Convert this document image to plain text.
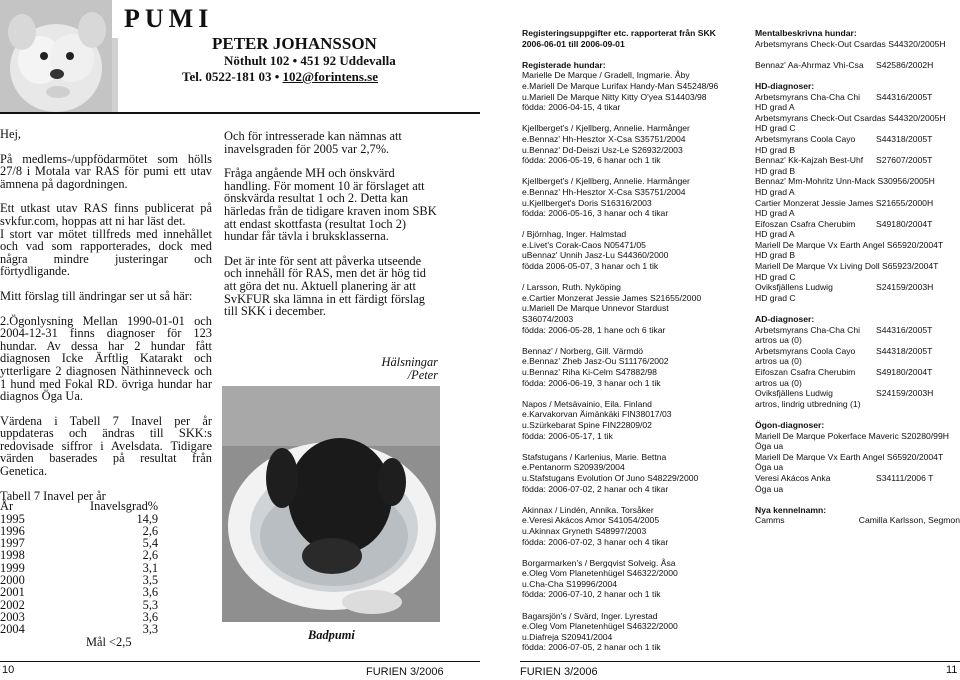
PUMI
PETER JOHANSSON
Nöthult 102 • 451 92 Uddevalla
Tel. 0522-181 03 • 102@forintens.se

Hej,

På medlems-/uppfödarmötet som hölls 27/8 i Motala var RAS för pumi ett utav ämnena på dagordningen.

Ett utkast utav RAS finns publicerat på svkfur.com, hoppas att ni har läst det.

I stort var mötet tillfreds med innehållet och vad som rapporterades, dock med några mindre justeringar och förtydligande.

Mitt förslag till ändringar ser ut så här:

2.Ögonlysning Mellan 1990-01-01 och 2004-12-31 finns diagnoser för 123 hundar. Av dessa har 2 hundar fått diagnosen Icke Ärftlig Katarakt och ytterligare 2 diagnosen Näthinneveck och 1 hund med Fokal RD. övriga hundar har diagnos Öga Ua.

Värdena i Tabell 7 Inavel per år uppdateras och ändras till SKK:s redovisade siffror i Avelsdata. Tidigare värden baserades på resultat från Genetica.

Tabell 7 Inavel per år
År	Inavelsgrad%
1995	14,9
1996	2,6
1997	5,4
1998	2,6
1999	3,1
2000	3,5
2001	3,6
2002	5,3
2003	3,6
2004	3,3
Mål <2,5

Och för intresserade kan nämnas att inavelsgraden för 2005 var 2,7%.

Fråga angående MH och önskvärd handling. För moment 10 är förslaget att önskvärda resultat 1 och 2. Detta kan härledas från de tidigare kraven inom SBK att endast skottfasta (resultat 1och 2) hundar får tävla i bruksklasserna.

Det är inte för sent att påverka utseende och innehåll för RAS, men det är hög tid att göra det nu. Aktuell planering är att SvKFUR ska lämna in ett färdigt förslag till SKK i december.

Hälsningar
/Peter
Badpumi
10	FURIEN 3/2006
Registeringsuppgifter etc. rapporterat från SKK
2006-06-01 till 2006-09-01
Registerade hundar:
Marielle De Marque / Gradell, Ingmarie. Åby
e.Mariell De Marque Lurifax Handy-Man S45248/96
u.Mariell De Marque Nitty Kitty O'yea S14403/98
födda: 2006-04-15, 4 tikar
Kjellberget's / Kjellberg, Annelie. Harmånger
e.Bennaz' Hh-Hesztor X-Csa S35751/2004
u.Bennaz' Dd-Deiszi Usz-Le S26932/2003
födda: 2006-05-19, 6 hanar och 1 tik
Kjellberget's / Kjellberg, Annelie. Harmånger
e.Bennaz' Hh-Hesztor X-Csa S35751/2004
u.Kjellberget's Doris S16316/2003
födda: 2006-05-16, 3 hanar och 4 tikar
/ Björnhag, Inger. Halmstad
e.Livet's Corak-Caos N05471/05
uBennaz' Unnih Jasz-Lu S44360/2000
födda 2006-05-07, 3 hanar och 1 tik
/ Larsson, Ruth. Nyköping
e.Cartier Monzerat Jessie James S21655/2000
u.Mariell De Marque Unnevor Stardust
S36074/2003
födda: 2006-05-28, 1 hane och 6 tikar
Bennaz' / Norberg, Gill. Värmdö
e.Bennaz' Zheb Jasz-Ou S11176/2002
u.Bennaz' Riha Ki-Celm S47882/98
födda: 2006-06-19, 3 hanar och 1 tik
Napos / Metsävainio, Eila. Finland
e.Karvakorvan Äimänkäki FIN38017/03
u.Szürkebarat Spine FIN22809/02
födda: 2006-05-17, 1 tik
Stafstugans / Karlenius, Marie. Bettna
e.Pentanorm S20939/2004
u.Stafstugans Evolution Of Juno S48229/2000
födda: 2006-07-02, 2 hanar och 4 tikar
Akinnax / Lindén, Annika. Torsåker
e.Veresi Akácos Amor S41054/2005
u.Akinnax Gryneth S48997/2003
födda: 2006-07-02, 3 hanar och 4 tikar
Borgarmarken's / Bergqvist Solveig. Åsa
e.Oleg Vom Planetenhügel S46322/2000
u.Cha-Cha S19996/2004
födda: 2006-07-10, 2 hanar och 1 tik
Bagarsjön's / Svärd, Inger. Lyrestad
e.Oleg Vom Planetenhügel S46322/2000
u.Diafreja S20941/2004
födda: 2006-07-05, 2 hanar och 1 tik
Mentalbeskrivna hundar:
Arbetsmyrans Check-Out Csardas S44320/2005H
Bennaz' Aa-Ahrmaz Vhi-Csa	S42586/2002H
HD-diagnoser:
Arbetsmyrans Cha-Cha Chi	S44316/2005T
HD grad A
Arbetsmyrans Check-Out Csardas S44320/2005H
HD grad C
Arbetsmyrans Coola Cayo	S44318/2005T
HD grad B
Bennaz' Kk-Kajzah Best-Uhf	S27607/2005T
HD grad B
Bennaz' Mm-Mohritz Unn-Mack S30956/2005H
HD grad A
Cartier Monzerat Jessie James S21655/2000H
HD grad A
Eifoszan Csafra Cherubim	S49180/2004T
HD grad A
Mariell De Marque Vx Earth Angel S65920/2004T
HD grad B
Mariell De Marque Vx Living Doll S65923/2004T
HD grad C
Oviksfjällens Ludwig	S24159/2003H
HD grad C
AD-diagnoser:
Arbetsmyrans Cha-Cha Chi	S44316/2005T
artros ua (0)
Arbetsmyrans Coola Cayo	S44318/2005T
artros ua (0)
Eifoszan Csafra Cherubim	S49180/2004T
artros ua (0)
Oviksfjällens Ludwig	S24159/2003H
artros, lindrig utbredning (1)
Ögon-diagnoser:
Mariell De Marque Pokerface Maveric S20280/99H
Öga ua
Mariell De Marque Vx Earth Angel S65920/2004T
Öga ua
Veresi Akácos Anka	S34111/2006 T
Öga ua
Nya kennelnamn:
Camms	Camilla Karlsson, Segmon
FURIEN 3/2006	11
